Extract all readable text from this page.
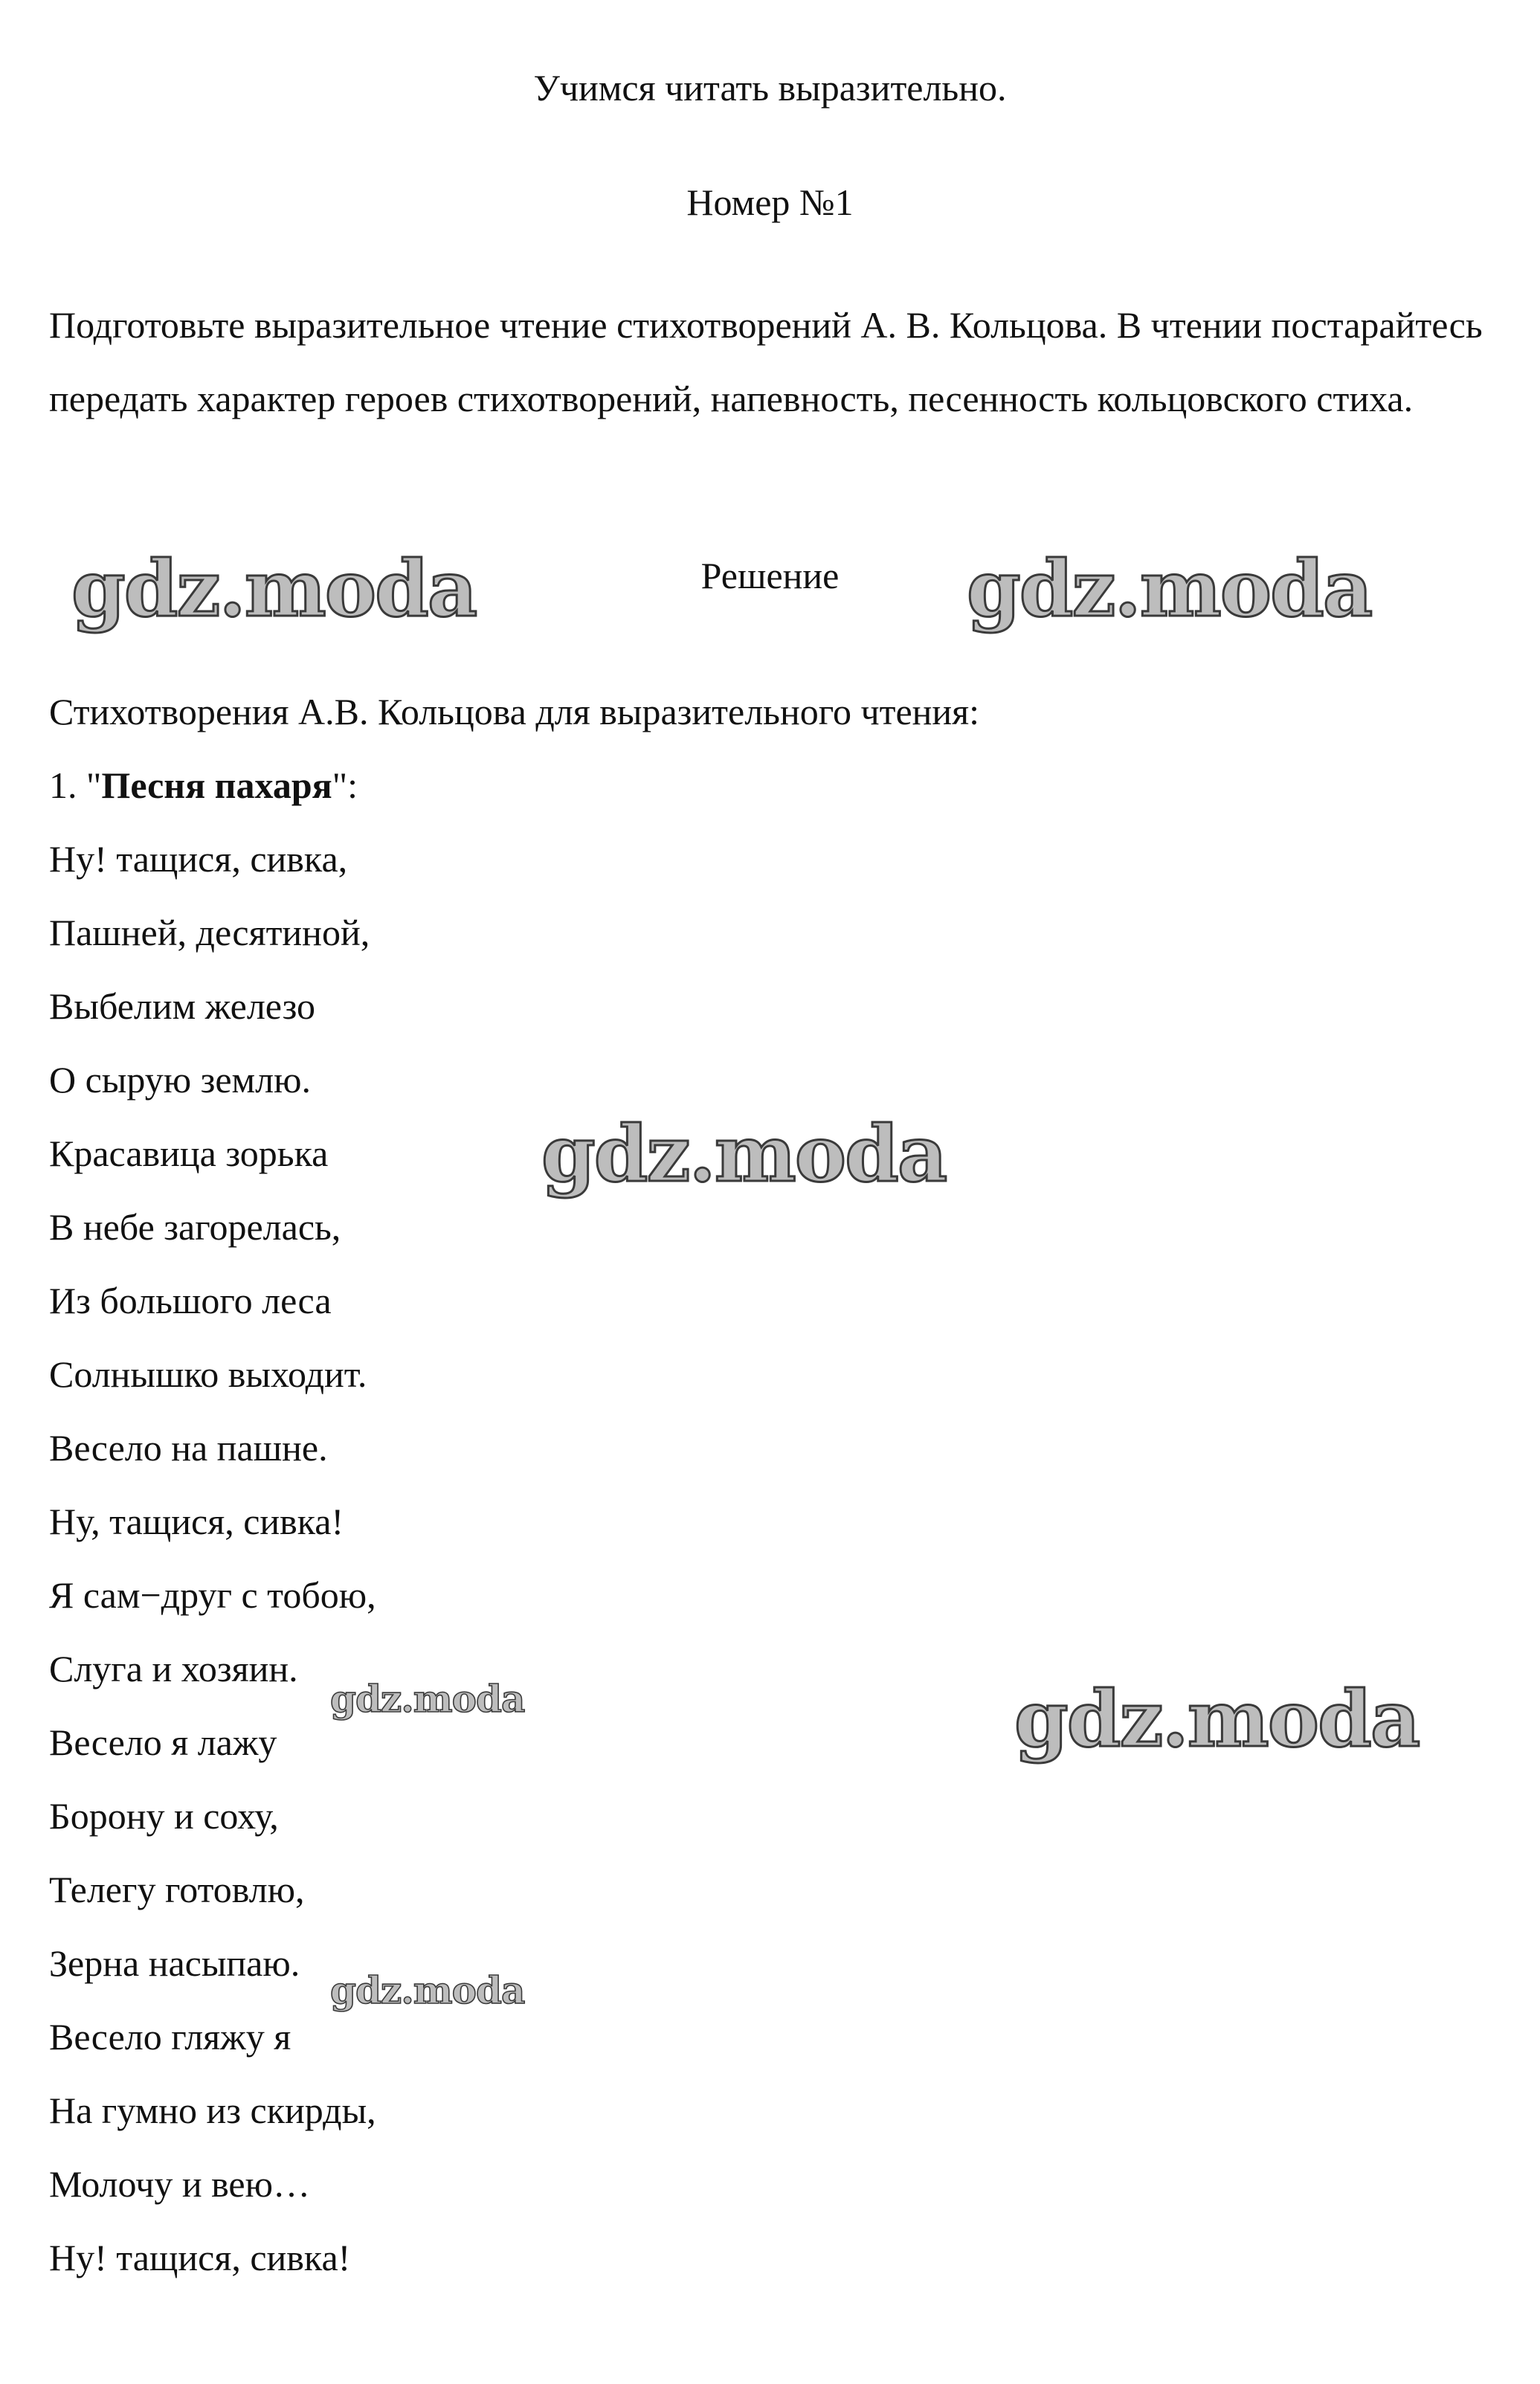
Учимся читать выразительно.
Номер №1

Подготовьте выразительное чтение стихотворений А. В. Кольцова. В чтении постарайтесь передать характер героев стихотворений, напевность, песенность кольцовского стиха.

Решение
Стихотворения А.В. Кольцова для выразительного чтения:
1. "Песня пахаря":
Ну! тащися, сивка,
Пашней, десятиной,
Выбелим железо
О сырую землю.
Красавица зорька
В небе загорелась,
Из большого леса
Солнышко выходит.
Весело на пашне.
Ну, тащися, сивка!
Я сам−друг с тобою,
Слуга и хозяин.
Весело я лажу
Борону и соху,
Телегу готовлю,
Зерна насыпаю.
Весело гляжу я
На гумно из скирды,
Молочу и вею…
Ну! тащися, сивка!
gdz.moda	gdz.moda
gdz.moda
gdz.moda
gdz.moda
gdz.moda
